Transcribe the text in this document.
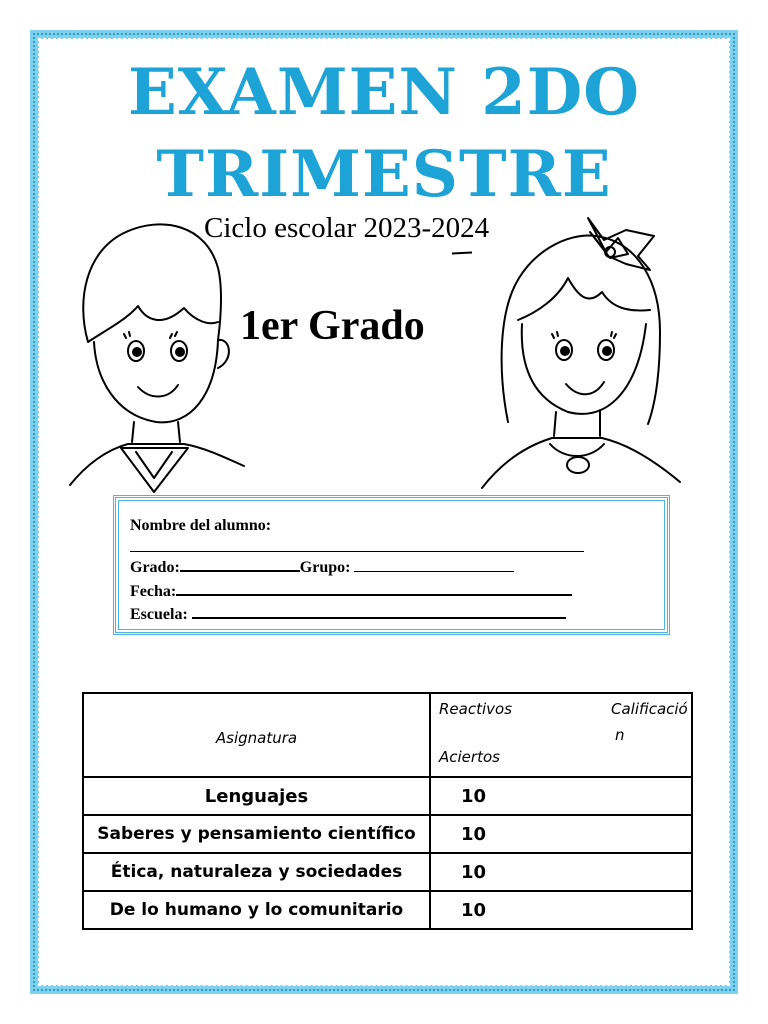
EXAMEN 2DO
TRIMESTRE
Ciclo escolar 2023-2024
1er Grado
Nombre del alumno:
Grado:	Grupo:
Fecha:
Escuela:
Asignatura	Reactivos Calificació
n
Aciertos

Lenguajes	10
Saberes y pensamiento científico	10
Ética, naturaleza y sociedades	10
De lo humano y lo comunitario	10
